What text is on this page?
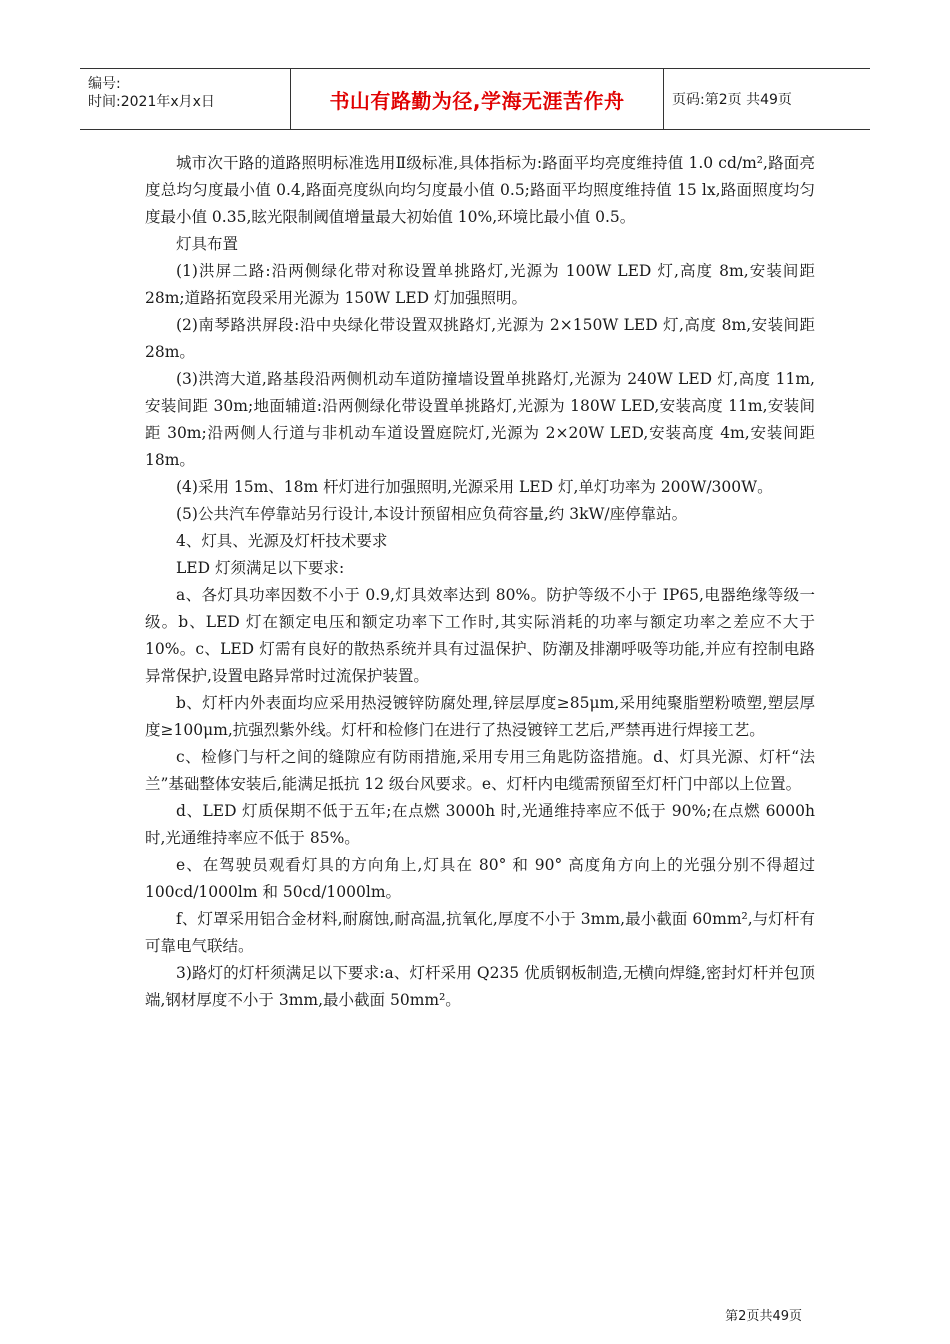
编号:
时间:2021年x月x日	书山有路勤为径,学海无涯苦作舟	页码:第2页 共49页

城市次干路的道路照明标准选用Ⅱ级标准,具体指标为:路面平均亮度维持值 1.0 cd/m²,路面亮度总均匀度最小值 0.4,路面亮度纵向均匀度最小值 0.5;路面平均照度维持值 15 lx,路面照度均匀度最小值 0.35,眩光限制阈值增量最大初始值 10%,环境比最小值 0.5。

灯具布置

(1)洪屏二路:沿两侧绿化带对称设置单挑路灯,光源为 100W LED 灯,高度 8m,安装间距 28m;道路拓宽段采用光源为 150W LED 灯加强照明。

(2)南琴路洪屏段:沿中央绿化带设置双挑路灯,光源为 2×150W LED 灯,高度 8m,安装间距 28m。

(3)洪湾大道,路基段沿两侧机动车道防撞墙设置单挑路灯,光源为 240W LED 灯,高度 11m,安装间距 30m;地面辅道:沿两侧绿化带设置单挑路灯,光源为 180W LED,安装高度 11m,安装间距 30m;沿两侧人行道与非机动车道设置庭院灯,光源为 2×20W LED,安装高度 4m,安装间距 18m。

(4)采用 15m、18m 杆灯进行加强照明,光源采用 LED 灯,单灯功率为 200W/300W。

(5)公共汽车停靠站另行设计,本设计预留相应负荷容量,约 3kW/座停靠站。

4、灯具、光源及灯杆技术要求

LED 灯须满足以下要求:

a、各灯具功率因数不小于 0.9,灯具效率达到 80%。防护等级不小于 IP65,电器绝缘等级一级。b、LED 灯在额定电压和额定功率下工作时,其实际消耗的功率与额定功率之差应不大于 10%。c、LED 灯需有良好的散热系统并具有过温保护、防潮及排潮呼吸等功能,并应有控制电路异常保护,设置电路异常时过流保护装置。

b、灯杆内外表面均应采用热浸镀锌防腐处理,锌层厚度≥85μm,采用纯聚脂塑粉喷塑,塑层厚度≥100μm,抗强烈紫外线。灯杆和检修门在进行了热浸镀锌工艺后,严禁再进行焊接工艺。

c、检修门与杆之间的缝隙应有防雨措施,采用专用三角匙防盗措施。d、灯具光源、灯杆“法兰”基础整体安装后,能满足抵抗 12 级台风要求。e、灯杆内电缆需预留至灯杆门中部以上位置。

d、LED 灯质保期不低于五年;在点燃 3000h 时,光通维持率应不低于 90%;在点燃 6000h 时,光通维持率应不低于 85%。

e、在驾驶员观看灯具的方向角上,灯具在 80° 和 90° 高度角方向上的光强分别不得超过 100cd/1000lm 和 50cd/1000lm。

f、灯罩采用铝合金材料,耐腐蚀,耐高温,抗氧化,厚度不小于 3mm,最小截面 60mm²,与灯杆有可靠电气联结。

3)路灯的灯杆须满足以下要求:a、灯杆采用 Q235 优质钢板制造,无横向焊缝,密封灯杆并包顶端,钢材厚度不小于 3mm,最小截面 50mm²。

第2页共49页
